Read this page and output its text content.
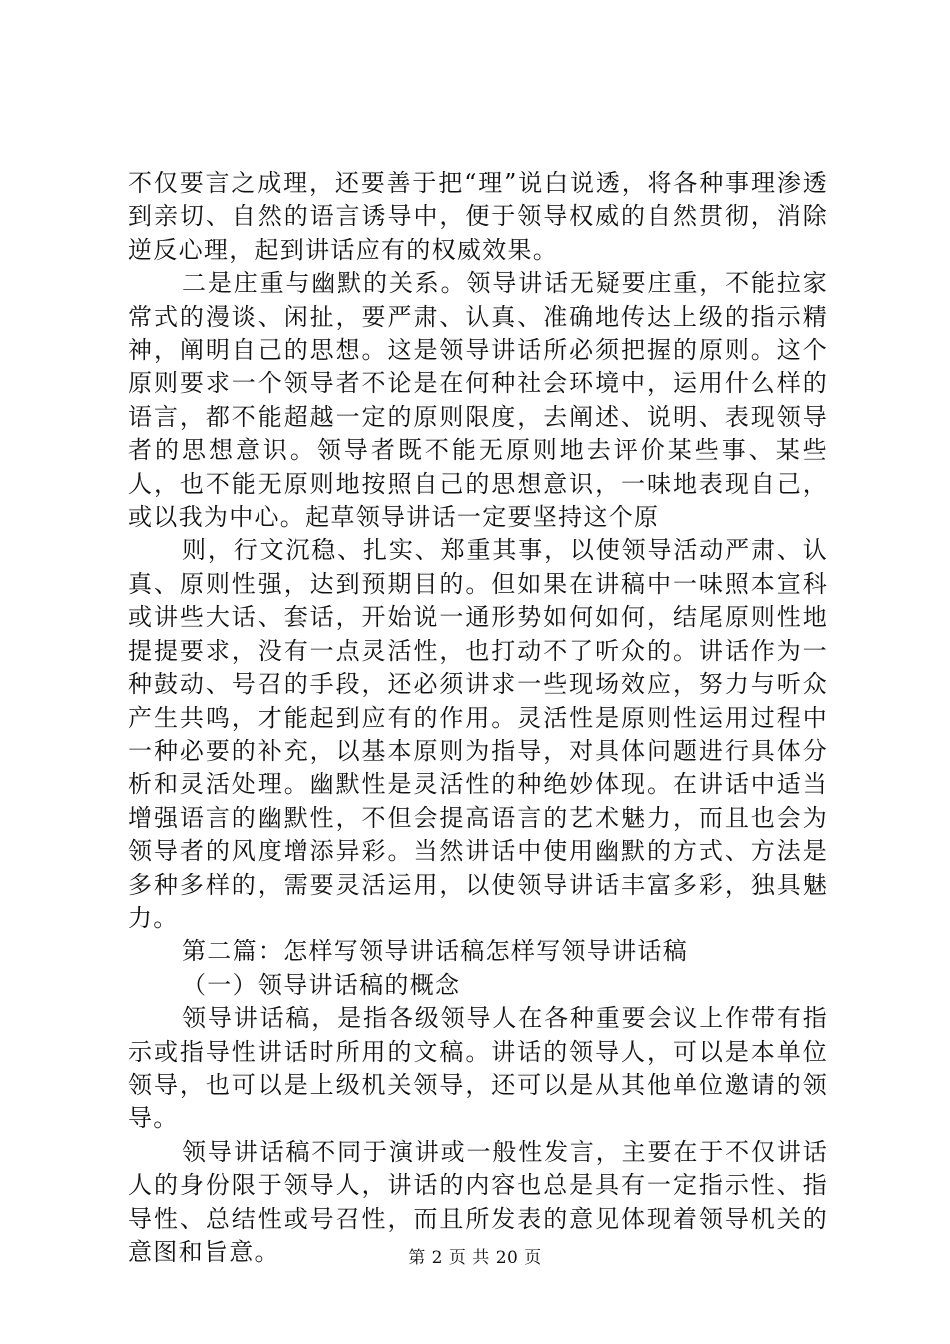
不仅要言之成理，还要善于把“理”说白说透，将各种事理渗透到亲切、自然的语言诱导中，便于领导权威的自然贯彻，消除逆反心理，起到讲话应有的权威效果。

二是庄重与幽默的关系。领导讲话无疑要庄重，不能拉家常式的漫谈、闲扯，要严肃、认真、准确地传达上级的指示精神，阐明自己的思想。这是领导讲话所必须把握的原则。这个原则要求一个领导者不论是在何种社会环境中，运用什么样的语言，都不能超越一定的原则限度，去阐述、说明、表现领导者的思想意识。领导者既不能无原则地去评价某些事、某些人，也不能无原则地按照自己的思想意识，一味地表现自己，或以我为中心。起草领导讲话一定要坚持这个原

则，行文沉稳、扎实、郑重其事，以使领导活动严肃、认真、原则性强，达到预期目的。但如果在讲稿中一味照本宣科或讲些大话、套话，开始说一通形势如何如何，结尾原则性地提提要求，没有一点灵活性，也打动不了听众的。讲话作为一种鼓动、号召的手段，还必须讲求一些现场效应，努力与听众产生共鸣，才能起到应有的作用。灵活性是原则性运用过程中一种必要的补充，以基本原则为指导，对具体问题进行具体分析和灵活处理。幽默性是灵活性的种绝妙体现。在讲话中适当增强语言的幽默性，不但会提高语言的艺术魅力，而且也会为领导者的风度增添异彩。当然讲话中使用幽默的方式、方法是多种多样的，需要灵活运用，以使领导讲话丰富多彩，独具魅力。

第二篇：怎样写领导讲话稿怎样写领导讲话稿

（一）领导讲话稿的概念

领导讲话稿，是指各级领导人在各种重要会议上作带有指示或指导性讲话时所用的文稿。讲话的领导人，可以是本单位领导，也可以是上级机关领导，还可以是从其他单位邀请的领导。

领导讲话稿不同于演讲或一般性发言，主要在于不仅讲话人的身份限于领导人，讲话的内容也总是具有一定指示性、指导性、总结性或号召性，而且所发表的意见体现着领导机关的意图和旨意。	第 2 页 共 20 页
